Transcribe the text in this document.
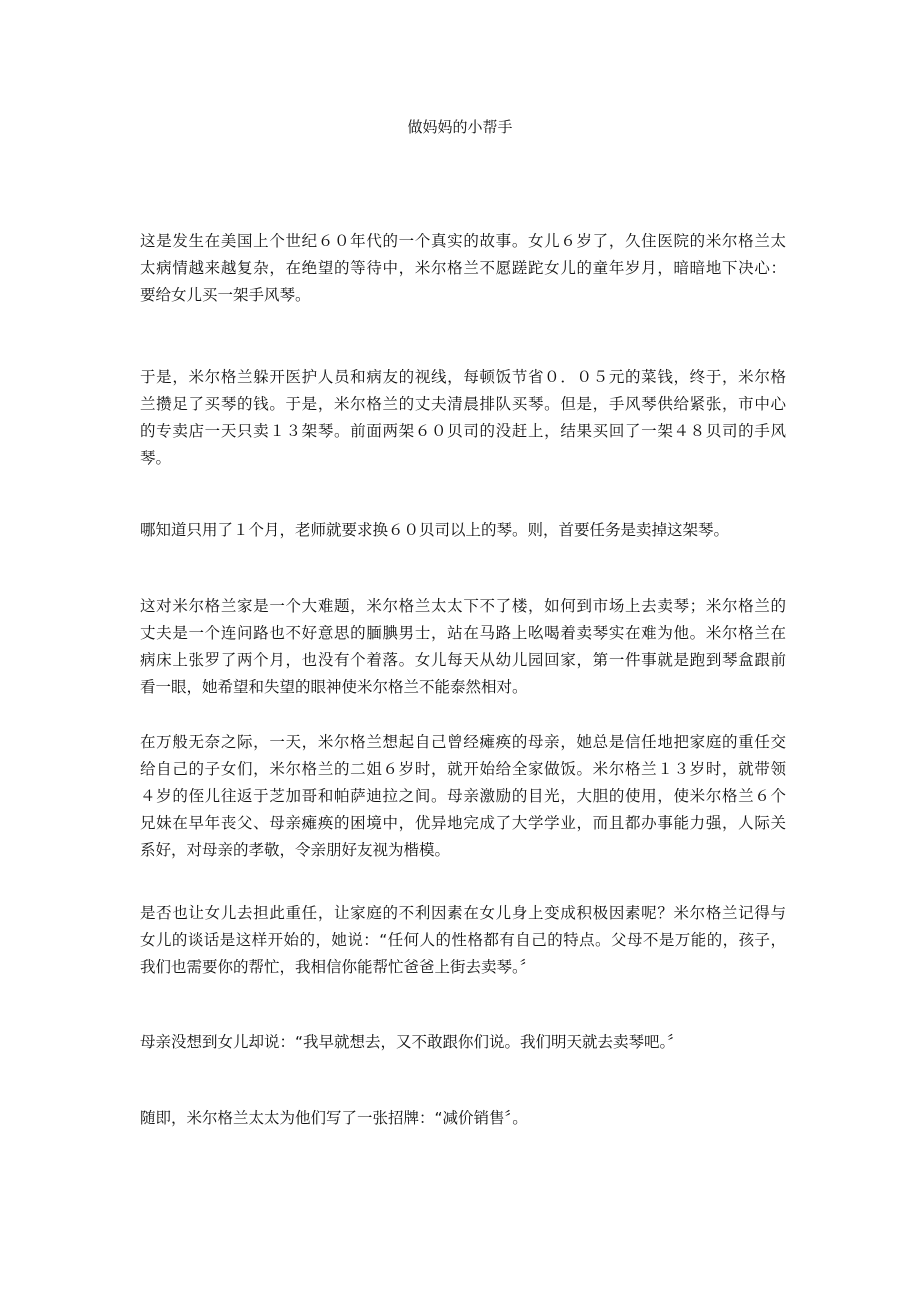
做妈妈的小帮手
这是发生在美国上个世纪６０年代的一个真实的故事。女儿６岁了，久住医院的米尔格兰太
太病情越来越复杂，在绝望的等待中，米尔格兰不愿蹉跎女儿的童年岁月，暗暗地下决心：
要给女儿买一架手风琴。
于是，米尔格兰躲开医护人员和病友的视线，每顿饭节省０．０５元的菜钱，终于，米尔格
兰攒足了买琴的钱。于是，米尔格兰的丈夫清晨排队买琴。但是，手风琴供给紧张，市中心
的专卖店一天只卖１３架琴。前面两架６０贝司的没赶上，结果买回了一架４８贝司的手风
琴。
哪知道只用了１个月，老师就要求换６０贝司以上的琴。则，首要任务是卖掉这架琴。
这对米尔格兰家是一个大难题，米尔格兰太太下不了楼，如何到市场上去卖琴；米尔格兰的
丈夫是一个连问路也不好意思的腼腆男士，站在马路上吆喝着卖琴实在难为他。米尔格兰在
病床上张罗了两个月，也没有个着落。女儿每天从幼儿园回家，第一件事就是跑到琴盒跟前
看一眼，她希望和失望的眼神使米尔格兰不能泰然相对。
在万般无奈之际，一天，米尔格兰想起自己曾经瘫痪的母亲，她总是信任地把家庭的重任交
给自己的子女们，米尔格兰的二姐６岁时，就开始给全家做饭。米尔格兰１３岁时，就带领
４岁的侄儿往返于芝加哥和帕萨迪拉之间。母亲激励的目光，大胆的使用，使米尔格兰６个
兄妹在早年丧父、母亲瘫痪的困境中，优异地完成了大学学业，而且都办事能力强，人际关
系好，对母亲的孝敬，令亲朋好友视为楷模。
是否也让女儿去担此重任，让家庭的不利因素在女儿身上变成积极因素呢？米尔格兰记得与
女儿的谈话是这样开始的，她说：“任何人的性格都有自己的特点。父母不是万能的，孩子，
我们也需要你的帮忙，我相信你能帮忙爸爸上街去卖琴。〞
母亲没想到女儿却说：“我早就想去，又不敢跟你们说。我们明天就去卖琴吧。〞
随即，米尔格兰太太为他们写了一张招牌：“减价销售〞。
